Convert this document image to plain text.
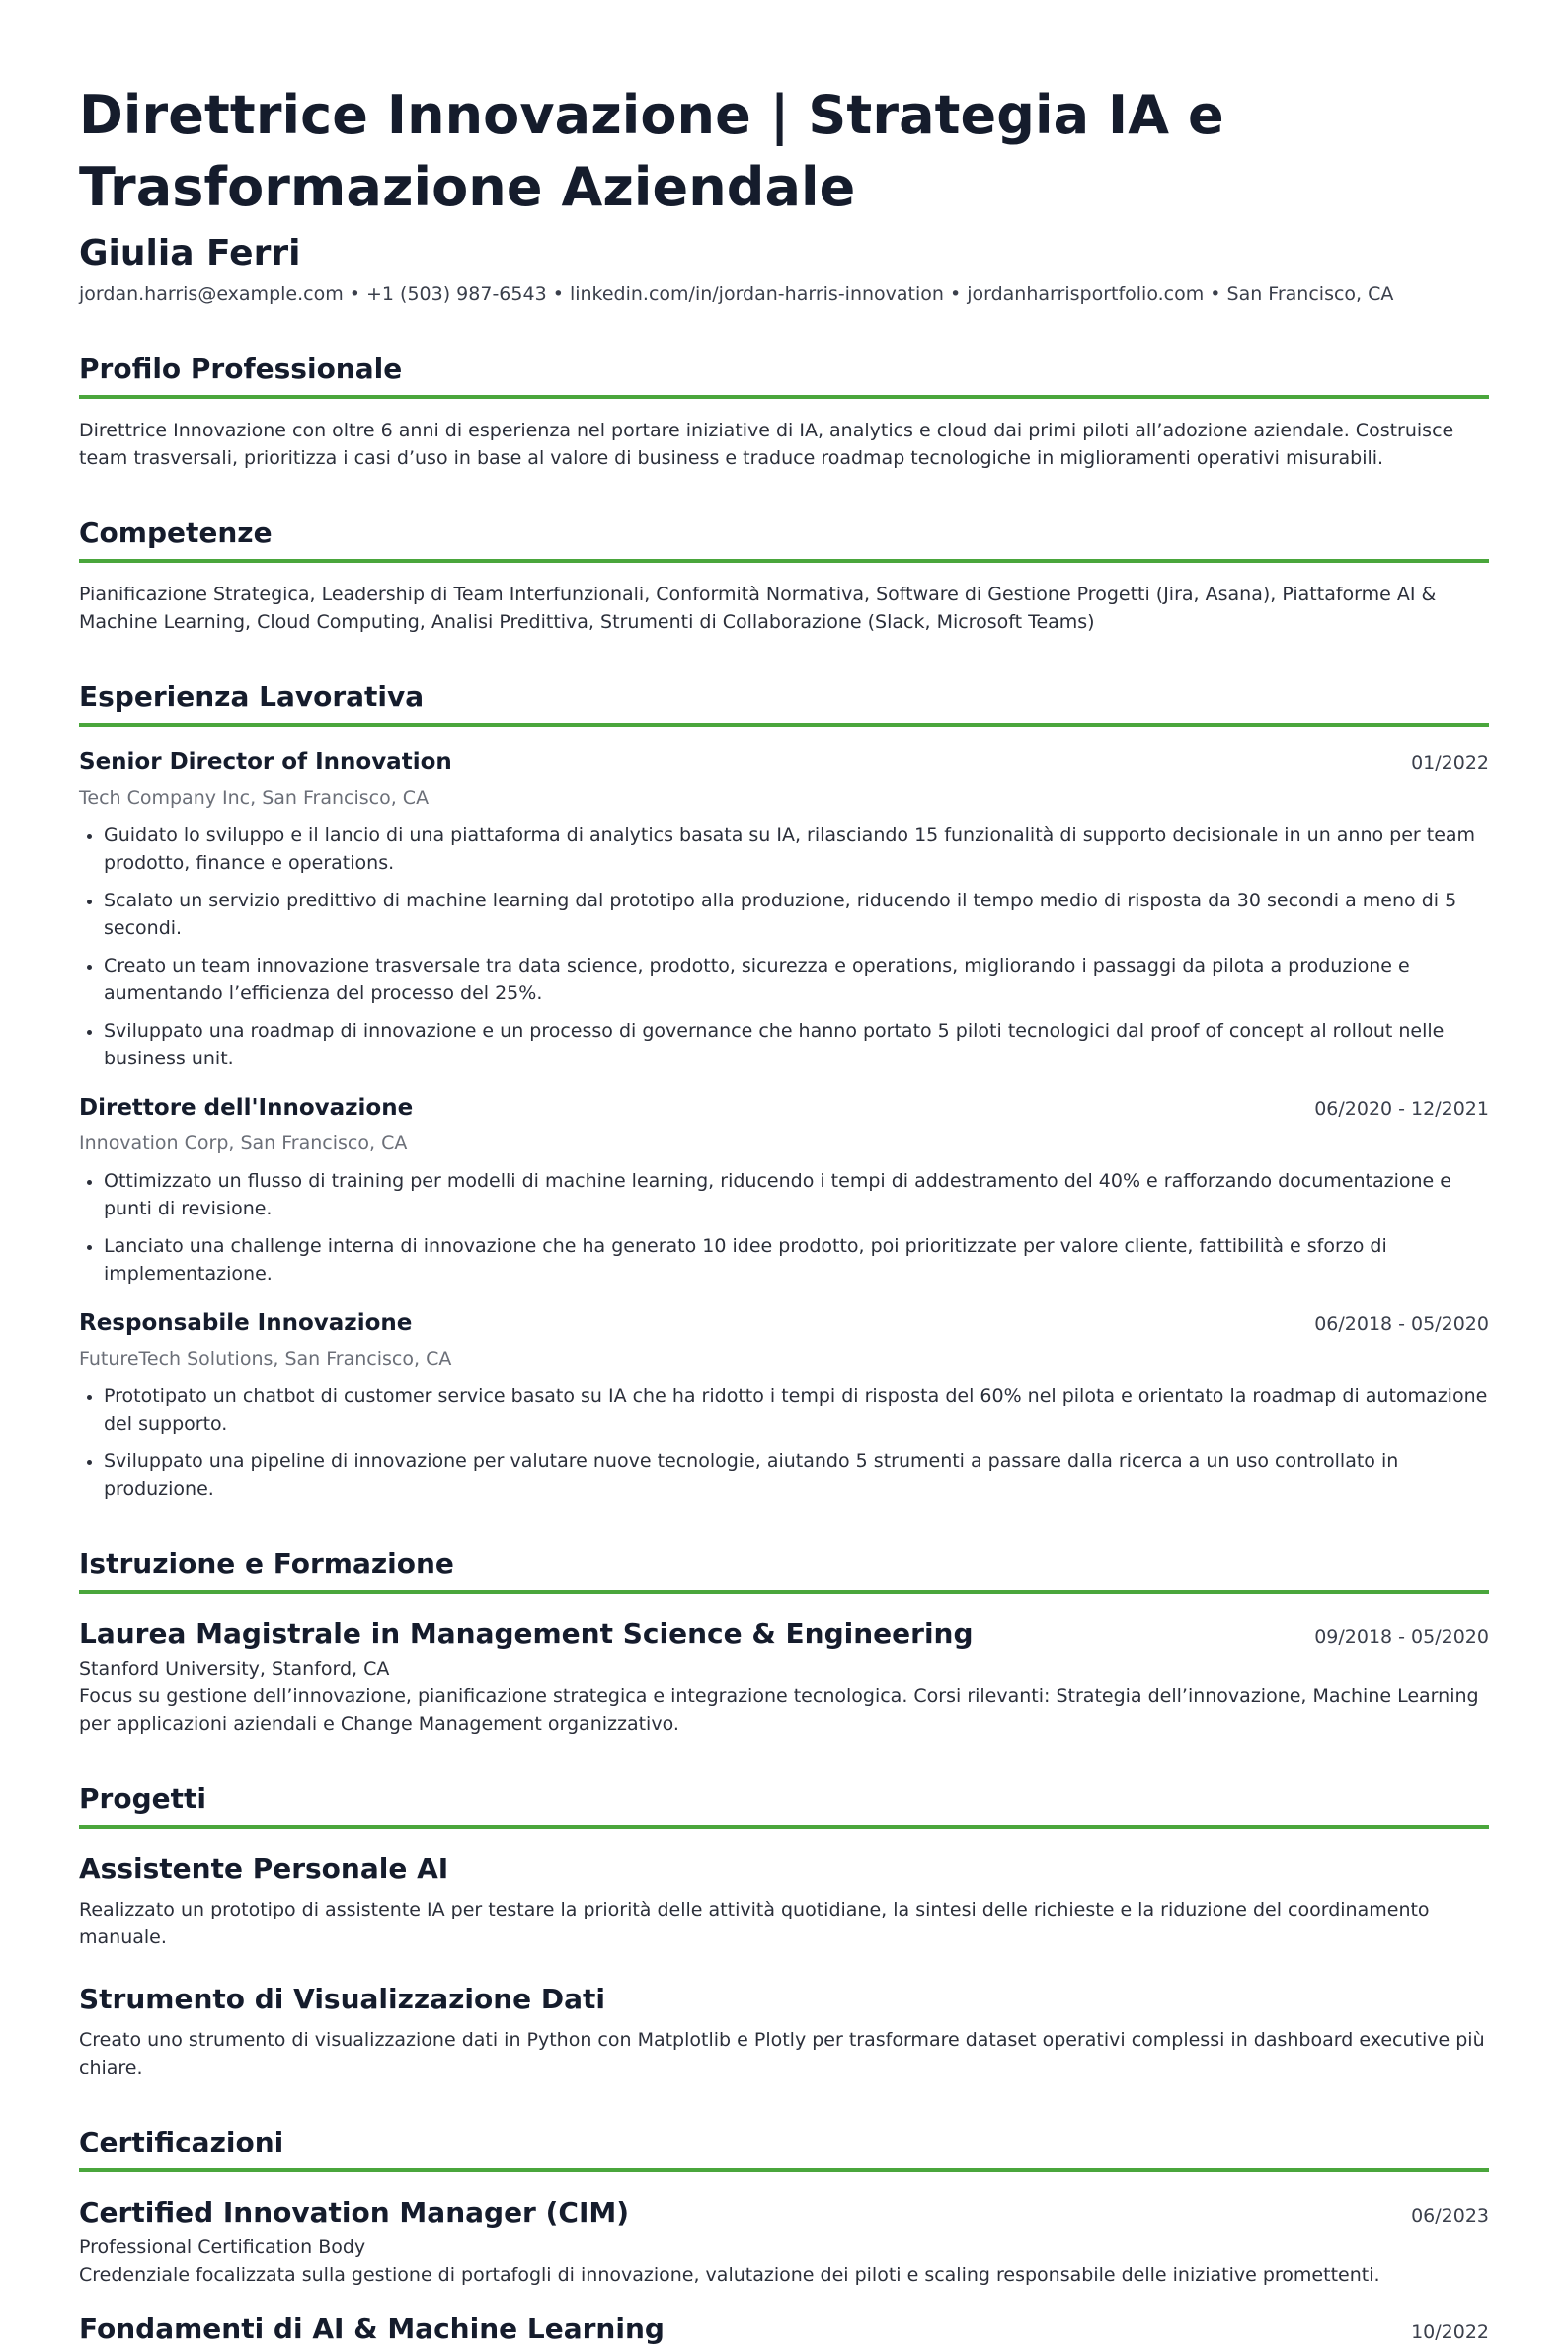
Direttrice Innovazione | Strategia IA e Trasformazione Aziendale
Giulia Ferri
jordan.harris@example.com • +1 (503) 987-6543 • linkedin.com/in/jordan-harris-innovation • jordanharrisportfolio.com • San Francisco, CA
Profilo Professionale
Direttrice Innovazione con oltre 6 anni di esperienza nel portare iniziative di IA, analytics e cloud dai primi piloti all’adozione aziendale. Costruisce team trasversali, prioritizza i casi d’uso in base al valore di business e traduce roadmap tecnologiche in miglioramenti operativi misurabili.
Competenze
Pianificazione Strategica, Leadership di Team Interfunzionali, Conformità Normativa, Software di Gestione Progetti (Jira, Asana), Piattaforme AI & Machine Learning, Cloud Computing, Analisi Predittiva, Strumenti di Collaborazione (Slack, Microsoft Teams)
Esperienza Lavorativa
Senior Director of Innovation	01/2022
Tech Company Inc, San Francisco, CA
Guidato lo sviluppo e il lancio di una piattaforma di analytics basata su IA, rilasciando 15 funzionalità di supporto decisionale in un anno per team prodotto, finance e operations.
Scalato un servizio predittivo di machine learning dal prototipo alla produzione, riducendo il tempo medio di risposta da 30 secondi a meno di 5 secondi.
Creato un team innovazione trasversale tra data science, prodotto, sicurezza e operations, migliorando i passaggi da pilota a produzione e aumentando l’efficienza del processo del 25%.
Sviluppato una roadmap di innovazione e un processo di governance che hanno portato 5 piloti tecnologici dal proof of concept al rollout nelle business unit.
Direttore dell'Innovazione	06/2020 - 12/2021
Innovation Corp, San Francisco, CA
Ottimizzato un flusso di training per modelli di machine learning, riducendo i tempi di addestramento del 40% e rafforzando documentazione e punti di revisione.
Lanciato una challenge interna di innovazione che ha generato 10 idee prodotto, poi prioritizzate per valore cliente, fattibilità e sforzo di implementazione.
Responsabile Innovazione	06/2018 - 05/2020
FutureTech Solutions, San Francisco, CA
Prototipato un chatbot di customer service basato su IA che ha ridotto i tempi di risposta del 60% nel pilota e orientato la roadmap di automazione del supporto.
Sviluppato una pipeline di innovazione per valutare nuove tecnologie, aiutando 5 strumenti a passare dalla ricerca a un uso controllato in produzione.
Istruzione e Formazione
Laurea Magistrale in Management Science & Engineering	09/2018 - 05/2020
Stanford University, Stanford, CA
Focus su gestione dell’innovazione, pianificazione strategica e integrazione tecnologica. Corsi rilevanti: Strategia dell’innovazione, Machine Learning per applicazioni aziendali e Change Management organizzativo.
Progetti
Assistente Personale AI
Realizzato un prototipo di assistente IA per testare la priorità delle attività quotidiane, la sintesi delle richieste e la riduzione del coordinamento manuale.
Strumento di Visualizzazione Dati
Creato uno strumento di visualizzazione dati in Python con Matplotlib e Plotly per trasformare dataset operativi complessi in dashboard executive più chiare.
Certificazioni
Certified Innovation Manager (CIM)	06/2023
Professional Certification Body
Credenziale focalizzata sulla gestione di portafogli di innovazione, valutazione dei piloti e scaling responsabile delle iniziative promettenti.
Fondamenti di AI & Machine Learning	10/2022
